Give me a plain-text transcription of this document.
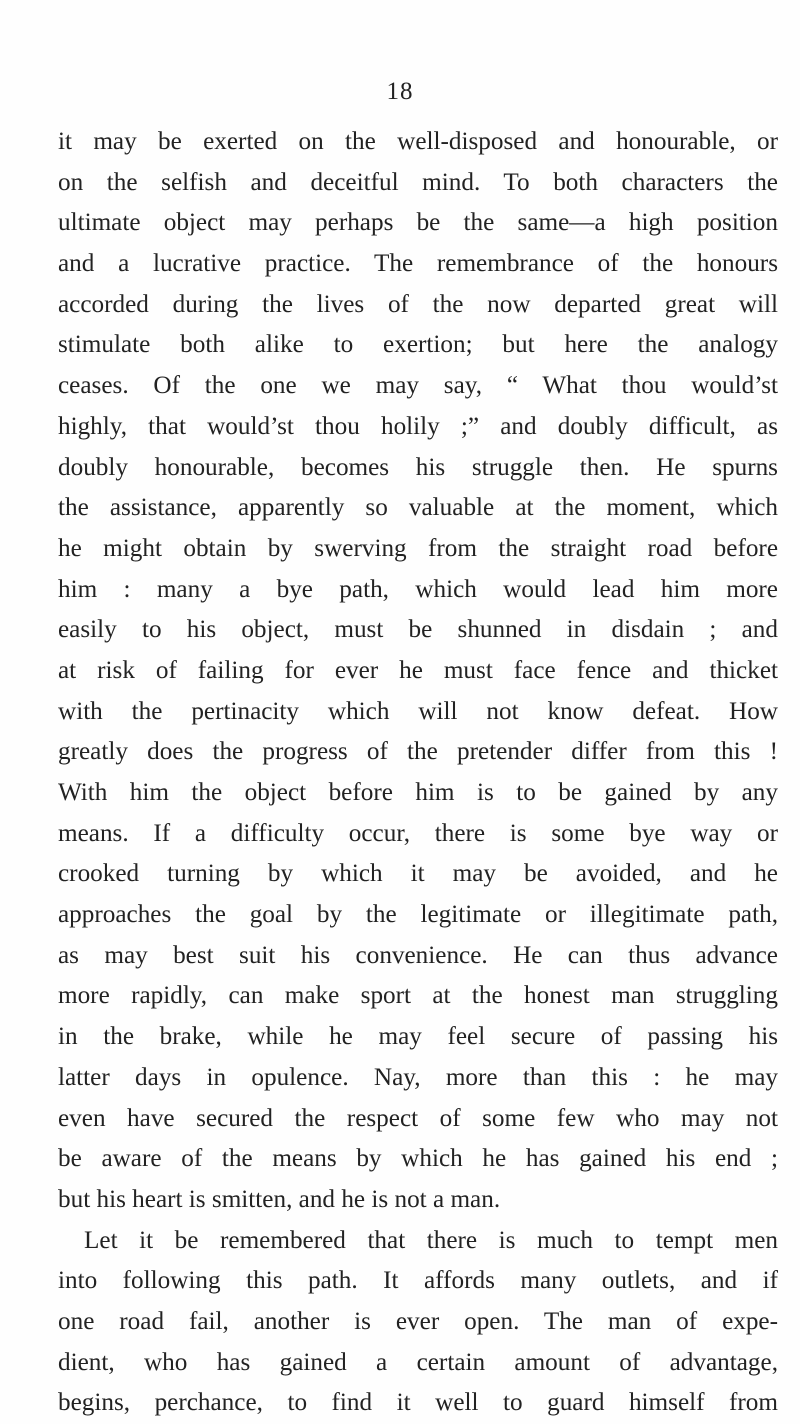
18
it may be exerted on the well-disposed and honourable, or
on the selfish and deceitful mind. To both characters the
ultimate object may perhaps be the same—a high position
and a lucrative practice. The remembrance of the honours
accorded during the lives of the now departed great will
stimulate both alike to exertion; but here the analogy
ceases. Of the one we may say, “ What thou would’st
highly, that would’st thou holily ;” and doubly difficult, as
doubly honourable, becomes his struggle then. He spurns
the assistance, apparently so valuable at the moment, which
he might obtain by swerving from the straight road before
him : many a bye path, which would lead him more
easily to his object, must be shunned in disdain ; and
at risk of failing for ever he must face fence and thicket
with the pertinacity which will not know defeat. How
greatly does the progress of the pretender differ from this !
With him the object before him is to be gained by any
means. If a difficulty occur, there is some bye way or
crooked turning by which it may be avoided, and he
approaches the goal by the legitimate or illegitimate path,
as may best suit his convenience. He can thus advance
more rapidly, can make sport at the honest man struggling
in the brake, while he may feel secure of passing his
latter days in opulence. Nay, more than this : he may
even have secured the respect of some few who may not
be aware of the means by which he has gained his end ;
but his heart is smitten, and he is not a man.
Let it be remembered that there is much to tempt men
into following this path. It affords many outlets, and if
one road fail, another is ever open. The man of expe-
dient, who has gained a certain amount of advantage,
begins, perchance, to find it well to guard himself from
